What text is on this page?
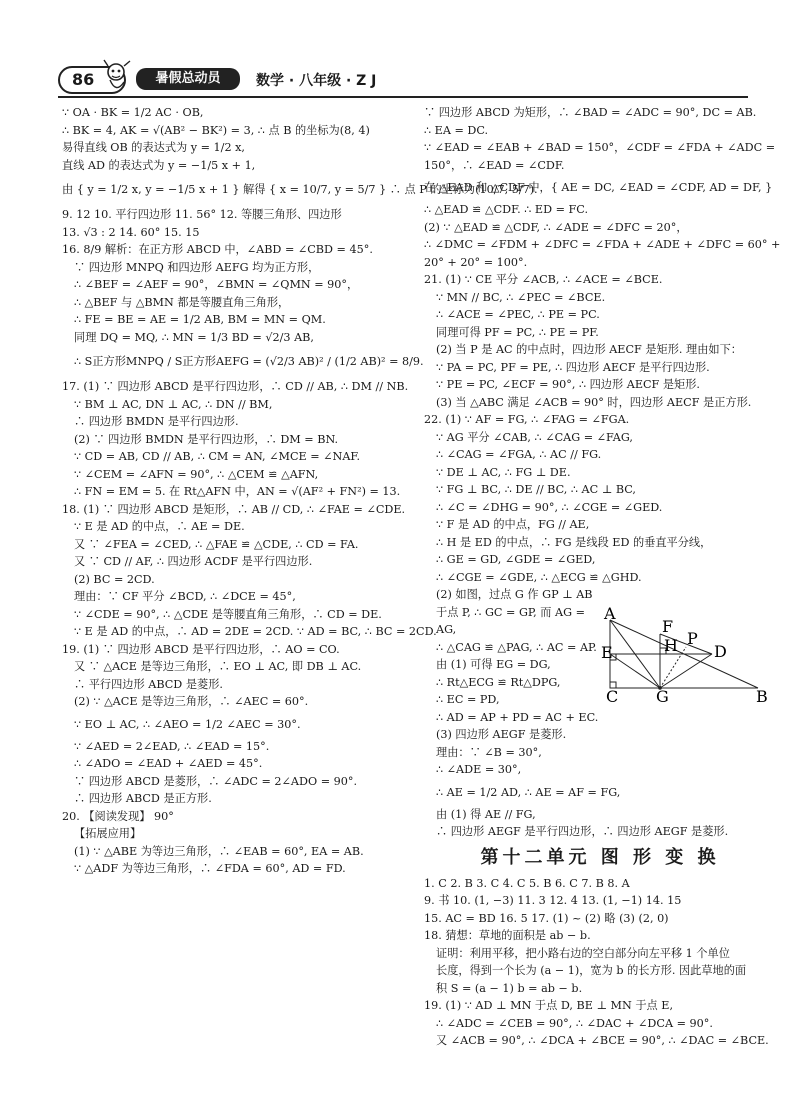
86	暑假总动员	数学 · 八年级 · Z J
∵ OA · BK = 1/2 AC · OB,
∴ BK = 4, AK = √(AB² − BK²) = 3, ∴ 点 B 的坐标为(8, 4)
易得直线 OB 的表达式为 y = 1/2 x,
直线 AD 的表达式为 y = −1/5 x + 1,
由 { y = 1/2 x, y = −1/5 x + 1 } 解得 { x = 10/7, y = 5/7 } ∴ 点 P 的坐标为(10/7, 5/7).
9. 12 10. 平行四边形 11. 56° 12. 等腰三角形、四边形
13. √3 : 2 14. 60° 15. 15
16. 8/9 解析：在正方形 ABCD 中，∠ABD = ∠CBD = 45°.
∵ 四边形 MNPQ 和四边形 AEFG 均为正方形，
∴ ∠BEF = ∠AEF = 90°，∠BMN = ∠QMN = 90°，
∴ △BEF 与 △BMN 都是等腰直角三角形，
∴ FE = BE = AE = 1/2 AB, BM = MN = QM.
同理 DQ = MQ, ∴ MN = 1/3 BD = √2/3 AB,
∴ S正方形MNPQ / S正方形AEFG = (√2/3 AB)² / (1/2 AB)² = 8/9.
17. (1) ∵ 四边形 ABCD 是平行四边形，∴ CD // AB, ∴ DM // NB.
∵ BM ⊥ AC, DN ⊥ AC, ∴ DN // BM,
∴ 四边形 BMDN 是平行四边形.
(2) ∵ 四边形 BMDN 是平行四边形，∴ DM = BN.
∵ CD = AB, CD // AB, ∴ CM = AN, ∠MCE = ∠NAF.
∵ ∠CEM = ∠AFN = 90°, ∴ △CEM ≌ △AFN,
∴ FN = EM = 5. 在 Rt△AFN 中，AN = √(AF² + FN²) = 13.
18. (1) ∵ 四边形 ABCD 是矩形，∴ AB // CD, ∴ ∠FAE = ∠CDE.
∵ E 是 AD 的中点，∴ AE = DE.
又 ∵ ∠FEA = ∠CED, ∴ △FAE ≌ △CDE, ∴ CD = FA.
又 ∵ CD // AF, ∴ 四边形 ACDF 是平行四边形.
(2) BC = 2CD.
理由：∵ CF 平分 ∠BCD, ∴ ∠DCE = 45°,
∵ ∠CDE = 90°, ∴ △CDE 是等腰直角三角形，∴ CD = DE.
∵ E 是 AD 的中点，∴ AD = 2DE = 2CD. ∵ AD = BC, ∴ BC = 2CD.
19. (1) ∵ 四边形 ABCD 是平行四边形，∴ AO = CO.
又 ∵ △ACE 是等边三角形，∴ EO ⊥ AC, 即 DB ⊥ AC.
∴ 平行四边形 ABCD 是菱形.
(2) ∵ △ACE 是等边三角形，∴ ∠AEC = 60°.
∵ EO ⊥ AC, ∴ ∠AEO = 1/2 ∠AEC = 30°.
∵ ∠AED = 2∠EAD, ∴ ∠EAD = 15°.
∴ ∠ADO = ∠EAD + ∠AED = 45°.
∵ 四边形 ABCD 是菱形，∴ ∠ADC = 2∠ADO = 90°.
∴ 四边形 ABCD 是正方形.
20. 【阅读发现】 90°
【拓展应用】
(1) ∵ △ABE 为等边三角形，∴ ∠EAB = 60°, EA = AB.
∵ △ADF 为等边三角形，∴ ∠FDA = 60°, AD = FD.
∵ 四边形 ABCD 为矩形，∴ ∠BAD = ∠ADC = 90°, DC = AB.
∴ EA = DC.
∵ ∠EAD = ∠EAB + ∠BAD = 150°，∠CDF = ∠FDA + ∠ADC =
150°，∴ ∠EAD = ∠CDF.
在 △EAD 和 △CDF 中，{ AE = DC, ∠EAD = ∠CDF, AD = DF, }
∴ △EAD ≌ △CDF. ∴ ED = FC.
(2) ∵ △EAD ≌ △CDF, ∴ ∠ADE = ∠DFC = 20°，
∴ ∠DMC = ∠FDM + ∠DFC = ∠FDA + ∠ADE + ∠DFC = 60° +
20° + 20° = 100°.
21. (1) ∵ CE 平分 ∠ACB, ∴ ∠ACE = ∠BCE.
∵ MN // BC, ∴ ∠PEC = ∠BCE.
∴ ∠ACE = ∠PEC, ∴ PE = PC.
同理可得 PF = PC, ∴ PE = PF.
(2) 当 P 是 AC 的中点时，四边形 AECF 是矩形. 理由如下：
∵ PA = PC, PF = PE, ∴ 四边形 AECF 是平行四边形.
∵ PE = PC, ∠ECF = 90°, ∴ 四边形 AECF 是矩形.
(3) 当 △ABC 满足 ∠ACB = 90° 时，四边形 AECF 是正方形.
22. (1) ∵ AF = FG, ∴ ∠FAG = ∠FGA.
∵ AG 平分 ∠CAB, ∴ ∠CAG = ∠FAG,
∴ ∠CAG = ∠FGA, ∴ AC // FG.
∵ DE ⊥ AC, ∴ FG ⊥ DE.
∵ FG ⊥ BC, ∴ DE // BC, ∴ AC ⊥ BC,
∴ ∠C = ∠DHG = 90°, ∴ ∠CGE = ∠GED.
∵ F 是 AD 的中点，FG // AE,
∴ H 是 ED 的中点，∴ FG 是线段 ED 的垂直平分线，
∴ GE = GD, ∠GDE = ∠GED,
∴ ∠CGE = ∠GDE, ∴ △ECG ≌ △GHD.
(2) 如图，过点 G 作 GP ⊥ AB
于点 P, ∴ GC = GP, 而 AG =
AG,
∴ △CAG ≌ △PAG, ∴ AC = AP.
由 (1) 可得 EG = DG,
∴ Rt△ECG ≌ Rt△DPG,
∴ EC = PD,
∴ AD = AP + PD = AC + EC.
(3) 四边形 AEGF 是菱形.
理由：∵ ∠B = 30°,
∴ ∠ADE = 30°,
∴ AE = 1/2 AD, ∴ AE = AF = FG,
由 (1) 得 AE // FG,
∴ 四边形 AEGF 是平行四边形，∴ 四边形 AEGF 是菱形.
第十二单元 图 形 变 换
1. C 2. B 3. C 4. C 5. B 6. C 7. B 8. A
9. 书 10. (1, −3) 11. 3 12. 4 13. (1, −1) 14. 15
15. AC = BD 16. 5 17. (1) ~ (2) 略 (3) (2, 0)
18. 猜想：草地的面积是 ab − b.
证明：利用平移，把小路右边的空白部分向左平移 1 个单位
长度，得到一个长为 (a − 1)，宽为 b 的长方形. 因此草地的面
积 S = (a − 1) b = ab − b.
19. (1) ∵ AD ⊥ MN 于点 D, BE ⊥ MN 于点 E,
∴ ∠ADC = ∠CEB = 90°, ∴ ∠DAC + ∠DCA = 90°.
又 ∠ACB = 90°, ∴ ∠DCA + ∠BCE = 90°, ∴ ∠DAC = ∠BCE.
A
F
P
E	H D
C G	B
